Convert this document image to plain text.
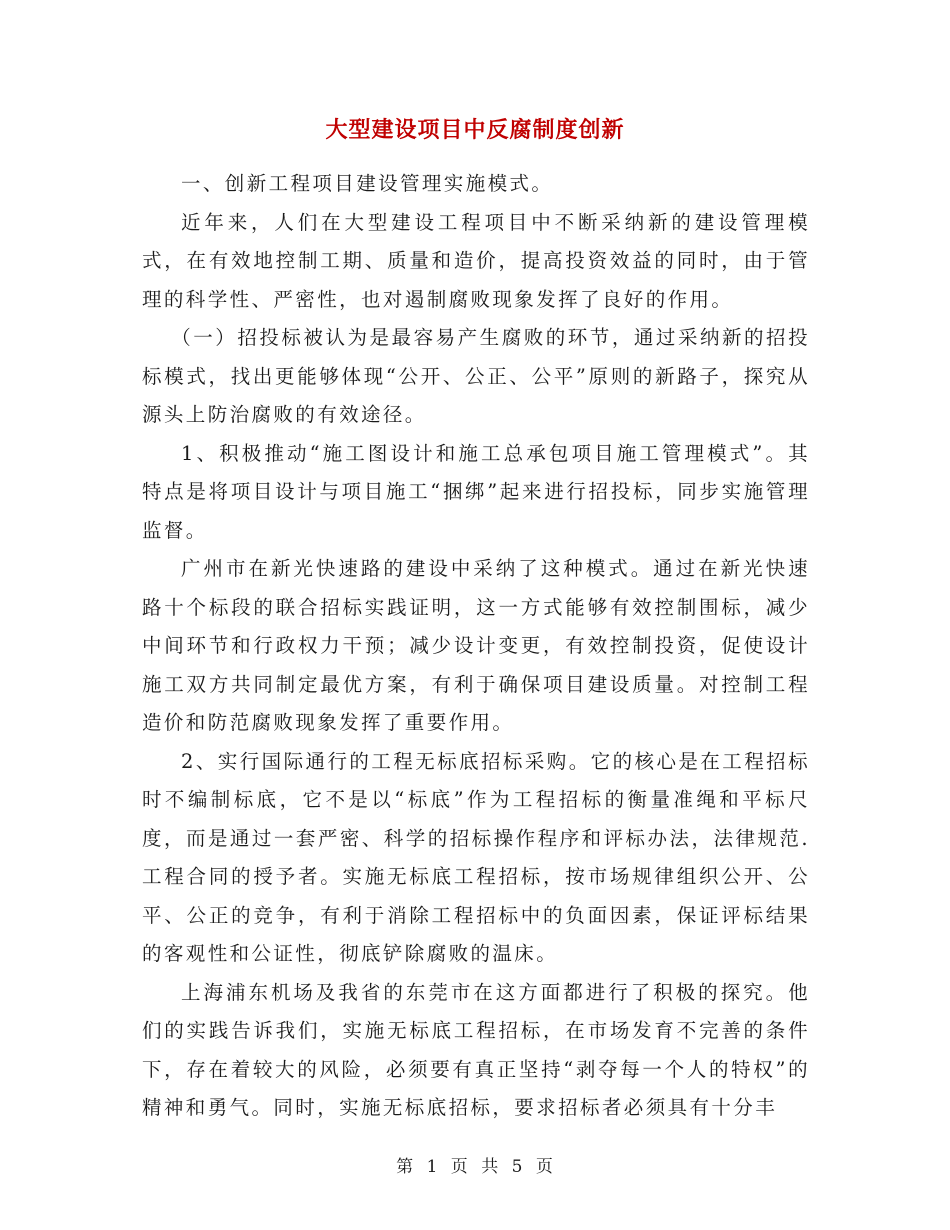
大型建设项目中反腐制度创新

一、创新工程项目建设管理实施模式。

近年来，人们在大型建设工程项目中不断采纳新的建设管理模式，在有效地控制工期、质量和造价，提高投资效益的同时，由于管理的科学性、严密性，也对遏制腐败现象发挥了良好的作用。

（一）招投标被认为是最容易产生腐败的环节，通过采纳新的招投标模式，找出更能够体现“公开、公正、公平”原则的新路子，探究从源头上防治腐败的有效途径。

1、积极推动“施工图设计和施工总承包项目施工管理模式”。其特点是将项目设计与项目施工“捆绑”起来进行招投标，同步实施管理监督。

广州市在新光快速路的建设中采纳了这种模式。通过在新光快速路十个标段的联合招标实践证明，这一方式能够有效控制围标，减少中间环节和行政权力干预；减少设计变更，有效控制投资，促使设计施工双方共同制定最优方案，有利于确保项目建设质量。对控制工程造价和防范腐败现象发挥了重要作用。

2、实行国际通行的工程无标底招标采购。它的核心是在工程招标时不编制标底，它不是以“标底”作为工程招标的衡量准绳和平标尺度，而是通过一套严密、科学的招标操作程序和评标办法，法律规范.工程合同的授予者。实施无标底工程招标，按市场规律组织公开、公平、公正的竞争，有利于消除工程招标中的负面因素，保证评标结果的客观性和公证性，彻底铲除腐败的温床。

上海浦东机场及我省的东莞市在这方面都进行了积极的探究。他们的实践告诉我们，实施无标底工程招标，在市场发育不完善的条件下，存在着较大的风险，必须要有真正坚持“剥夺每一个人的特权”的精神和勇气。同时，实施无标底招标，要求招标者必须具有十分丰

第 1 页 共 5 页
